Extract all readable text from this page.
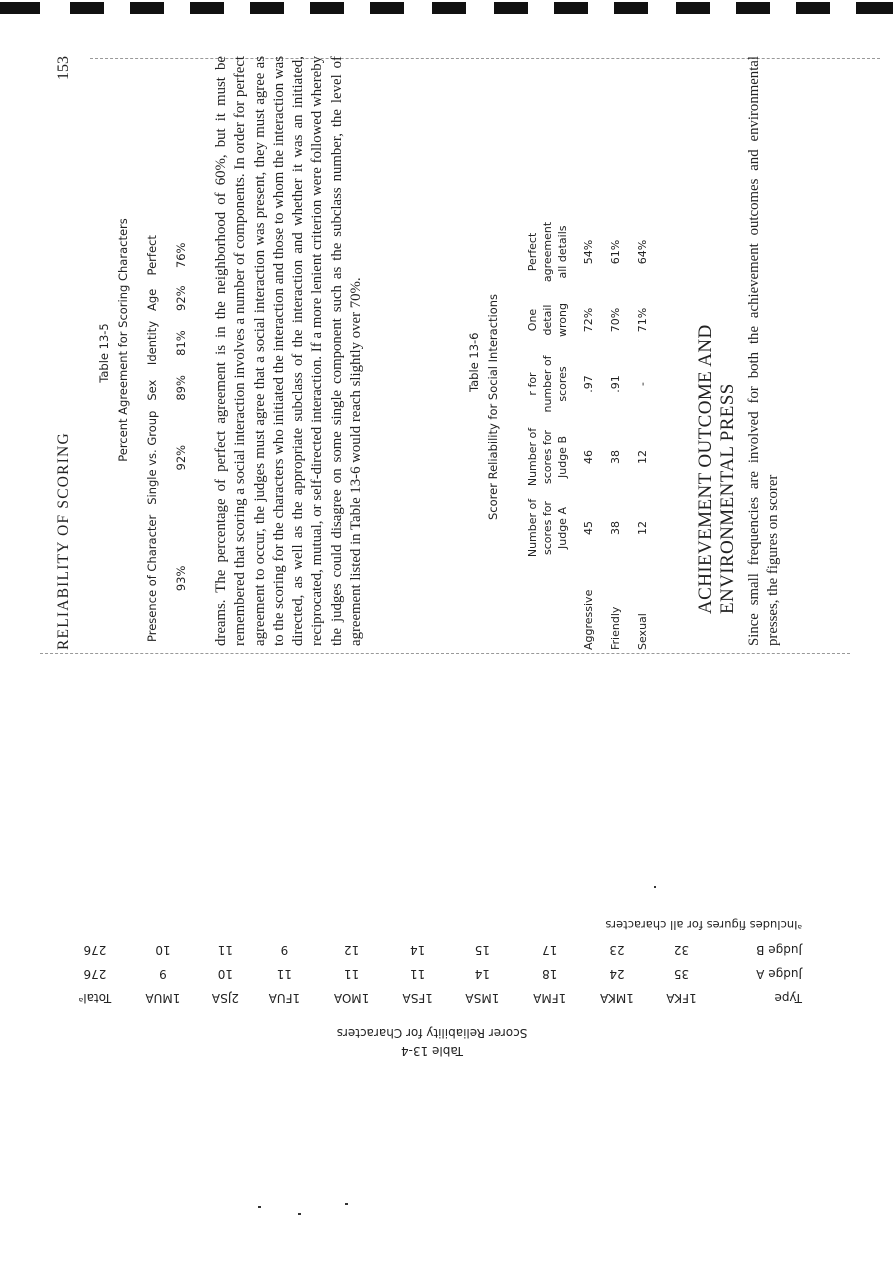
RELIABILITY OF SCORING
153
Table 13-5 Percent Agreement for Scoring Characters
Presence of Character	Single vs. Group	Sex	Identity	Age	Perfect
93%	92%	89%	81%	92%	76% dreams. The percentage of perfect agreement is in the neighborhood of 60%, but it must be remembered that scoring a social interaction involves a number of components. In order for perfect agreement to occur, the judges must agree that a social interaction was present, they must agree as to the scoring for the characters who initiated the interaction and those to whom the interaction was directed, as well as the appropriate subclass of the interaction and whether it was an initiated, reciprocated, mutual, or self-directed interaction. If a more lenient criterion were followed whereby the judges could disagree on some single component such as the subclass number, the level of agreement listed in Table 13-6 would reach slightly over 70%.	Table 13-6 Scorer Reliability for Social Interactions
	Number of scores for Judge A	Number of scores for Judge B	r for number of scores	One detail wrong	Perfect agreement all details
Aggressive	45	46	.97	72%	54%
Friendly	38	38	.91	70%	61%
Sexual	12	12	-	71%	64%
ACHIEVEMENT OUTCOME AND ENVIRONMENTAL PRESS Since small frequencies are involved for both the achievement outcomes and environmental presses, the figures on scorer
Table 13-4
Scorer Reliability for Characters
Type	1FKA	1MKA	1FMA	1MSA	1FSA	1MOA	1FUA	2JSA	1MUA	Totalᵃ
Judge A	35	24	18	14	11	11	11	10	9	276
Judge B	32	23	17	15	14	12	9	11	10	276
ᵃIncludes figures for all characters
